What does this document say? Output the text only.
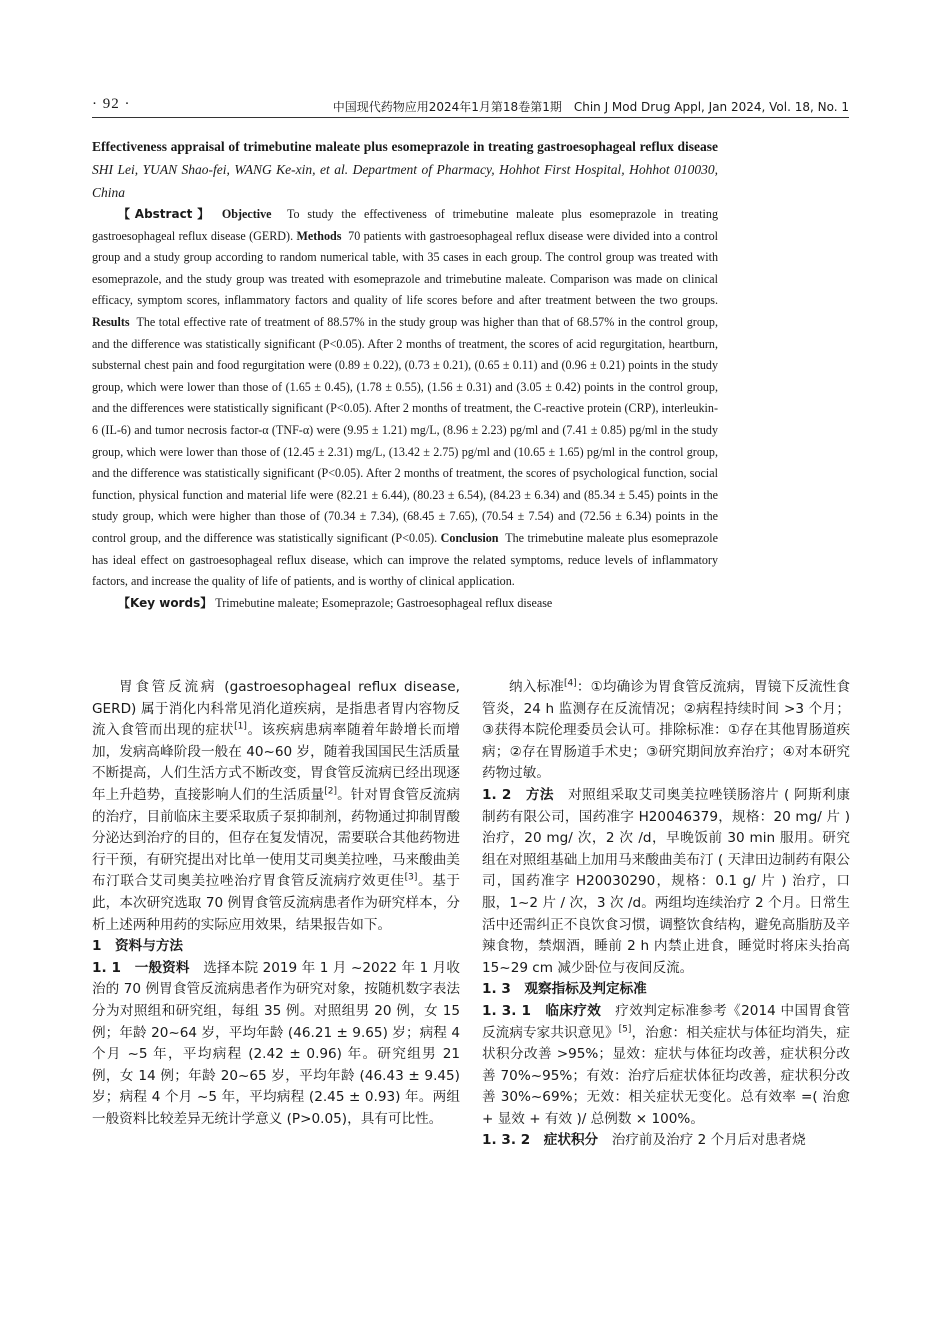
· 92 ·	中国现代药物应用2024年1月第18卷第1期　Chin J Mod Drug Appl, Jan 2024, Vol. 18, No. 1
Effectiveness appraisal of trimebutine maleate plus esomeprazole in treating gastroesophageal reflux disease SHI Lei, YUAN Shao-fei, WANG Ke-xin, et al. Department of Pharmacy, Hohhot First Hospital, Hohhot 010030, China
【Abstract】 Objective To study the effectiveness of trimebutine maleate plus esomeprazole in treating gastroesophageal reflux disease (GERD). Methods 70 patients with gastroesophageal reflux disease were divided into a control group and a study group according to random numerical table, with 35 cases in each group. The control group was treated with esomeprazole, and the study group was treated with esomeprazole and trimebutine maleate. Comparison was made on clinical efficacy, symptom scores, inflammatory factors and quality of life scores before and after treatment between the two groups. Results The total effective rate of treatment of 88.57% in the study group was higher than that of 68.57% in the control group, and the difference was statistically significant (P<0.05). After 2 months of treatment, the scores of acid regurgitation, heartburn, substernal chest pain and food regurgitation were (0.89 ± 0.22), (0.73 ± 0.21), (0.65 ± 0.11) and (0.96 ± 0.21) points in the study group, which were lower than those of (1.65 ± 0.45), (1.78 ± 0.55), (1.56 ± 0.31) and (3.05 ± 0.42) points in the control group, and the differences were statistically significant (P<0.05). After 2 months of treatment, the C-reactive protein (CRP), interleukin-6 (IL-6) and tumor necrosis factor-α (TNF-α) were (9.95 ± 1.21) mg/L, (8.96 ± 2.23) pg/ml and (7.41 ± 0.85) pg/ml in the study group, which were lower than those of (12.45 ± 2.31) mg/L, (13.42 ± 2.75) pg/ml and (10.65 ± 1.65) pg/ml in the control group, and the difference was statistically significant (P<0.05). After 2 months of treatment, the scores of psychological function, social function, physical function and material life were (82.21 ± 6.44), (80.23 ± 6.54), (84.23 ± 6.34) and (85.34 ± 5.45) points in the study group, which were higher than those of (70.34 ± 7.34), (68.45 ± 7.65), (70.54 ± 7.54) and (72.56 ± 6.34) points in the control group, and the difference was statistically significant (P<0.05). Conclusion The trimebutine maleate plus esomeprazole has ideal effect on gastroesophageal reflux disease, which can improve the related symptoms, reduce levels of inflammatory factors, and increase the quality of life of patients, and is worthy of clinical application.
【Key words】 Trimebutine maleate; Esomeprazole; Gastroesophageal reflux disease

胃食管反流病 (gastroesophageal reflux disease, GERD) 属于消化内科常见消化道疾病，是指患者胃内容物反流入食管而出现的症状[1]。该疾病患病率随着年龄增长而增加，发病高峰阶段一般在 40~60 岁，随着我国国民生活质量不断提高，人们生活方式不断改变，胃食管反流病已经出现逐年上升趋势，直接影响人们的生活质量[2]。针对胃食管反流病的治疗，目前临床主要采取质子泵抑制剂，药物通过抑制胃酸分泌达到治疗的目的，但存在复发情况，需要联合其他药物进行干预，有研究提出对比单一使用艾司奥美拉唑，马来酸曲美布汀联合艾司奥美拉唑治疗胃食管反流病疗效更佳[3]。基于此，本次研究选取 70 例胃食管反流病患者作为研究样本，分析上述两种用药的实际应用效果，结果报告如下。

1　资料与方法

1. 1　一般资料　选择本院 2019 年 1 月 ~2022 年 1 月收治的 70 例胃食管反流病患者作为研究对象，按随机数字表法分为对照组和研究组，每组 35 例。对照组男 20 例，女 15 例；年龄 20~64 岁，平均年龄 (46.21 ± 9.65) 岁；病程 4 个月 ~5 年，平均病程 (2.42 ± 0.96) 年。研究组男 21 例，女 14 例；年龄 20~65 岁，平均年龄 (46.43 ± 9.45) 岁；病程 4 个月 ~5 年，平均病程 (2.45 ± 0.93) 年。两组一般资料比较差异无统计学意义 (P>0.05)，具有可比性。

纳入标准[4]：①均确诊为胃食管反流病，胃镜下反流性食管炎，24 h 监测存在反流情况；②病程持续时间 >3 个月；③获得本院伦理委员会认可。排除标准：①存在其他胃肠道疾病；②存在胃肠道手术史；③研究期间放弃治疗；④对本研究药物过敏。

1. 2　方法　对照组采取艾司奥美拉唑镁肠溶片 ( 阿斯利康制药有限公司，国药准字 H20046379，规格：20 mg/ 片 ) 治疗，20 mg/ 次，2 次 /d，早晚饭前 30 min 服用。研究组在对照组基础上加用马来酸曲美布汀 ( 天津田边制药有限公司，国药准字 H20030290，规格：0.1 g/ 片 ) 治疗，口服，1~2 片 / 次，3 次 /d。两组均连续治疗 2 个月。日常生活中还需纠正不良饮食习惯，调整饮食结构，避免高脂肪及辛辣食物，禁烟酒，睡前 2 h 内禁止进食，睡觉时将床头抬高 15~29 cm 减少卧位与夜间反流。

1. 3　观察指标及判定标准

1. 3. 1　临床疗效　疗效判定标准参考《2014 中国胃食管反流病专家共识意见》[5]，治愈：相关症状与体征均消失，症状积分改善 >95%；显效：症状与体征均改善，症状积分改善 70%~95%；有效：治疗后症状体征均改善，症状积分改善 30%~69%；无效：相关症状无变化。总有效率 =( 治愈 + 显效 + 有效 )/ 总例数 × 100%。

1. 3. 2　症状积分　治疗前及治疗 2 个月后对患者烧
